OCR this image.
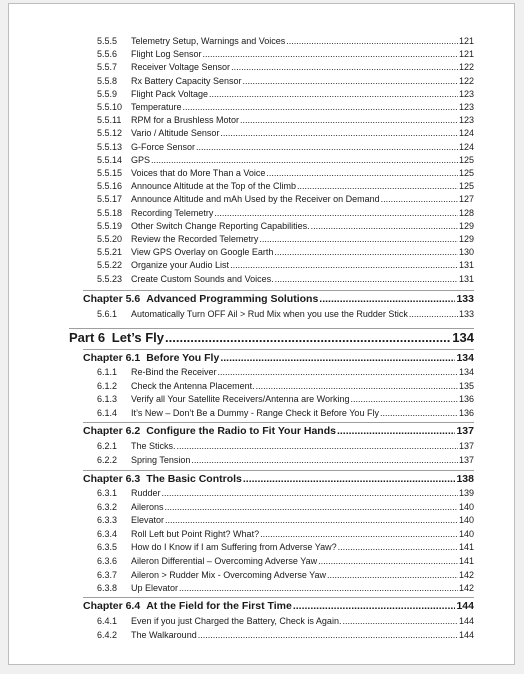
5.5.5	Telemetry Setup, Warnings and Voices .....	121
5.5.6	Flight Log Sensor .....	121
5.5.7	Receiver Voltage Sensor .....	122
5.5.8	Rx Battery Capacity Sensor .....	122
5.5.9	Flight Pack Voltage .....	123
5.5.10 Temperature .....	123
5.5.11	RPM for a Brushless Motor .....	123
5.5.12 Vario / Altitude Sensor .....	124
5.5.13 G-Force Sensor .....	124
5.5.14 GPS .....	125
5.5.15 Voices that do More Than a Voice .....	125
5.5.16 Announce Altitude at the Top of the Climb .....	125
5.5.17 Announce Altitude and mAh Used by the Receiver on Demand .....	127
5.5.18 Recording Telemetry .....	128
5.5.19 Other Switch Change Reporting Capabilities. .....	129
5.5.20 Review the Recorded Telemetry .....	129
5.5.21 View GPS Overlay on Google Earth .....	130
5.5.22 Organize your Audio List .....	131
5.5.23 Create Custom Sounds and Voices. .....	131
Chapter 5.6 Advanced Programming Solutions .....	133
5.6.1	Automatically Turn OFF Ail > Rud Mix when you use the Rudder Stick .....	133
Part 6 Let’s Fly .....	134
Chapter 6.1 Before You Fly .....	134
6.1.1	Re-Bind the Receiver .....	134
6.1.2	Check the Antenna Placement. .....	135
6.1.3	Verify all Your Satellite Receivers/Antenna are Working .....	136
6.1.4	It’s New – Don’t Be a Dummy - Range Check it Before You Fly .....	136
Chapter 6.2 Configure the Radio to Fit Your Hands .....	137
6.2.1	The Sticks. .....	137
6.2.2	Spring Tension .....	137
Chapter 6.3 The Basic Controls .....	138
6.3.1	Rudder .....	139
6.3.2	Ailerons .....	140
6.3.3	Elevator .....	140
6.3.4	Roll Left but Point Right? What? .....	140
6.3.5	How do I Know if I am Suffering from Adverse Yaw? .....	141
6.3.6	Aileron Differential – Overcoming Adverse Yaw .....	141
6.3.7	Aileron > Rudder Mix - Overcoming Adverse Yaw .....	142
6.3.8	Up Elevator .....	142
Chapter 6.4 At the Field for the First Time .....	144
6.4.1	Even if you just Charged the Battery, Check is Again. .....	144
6.4.2	The Walkaround .....	144
